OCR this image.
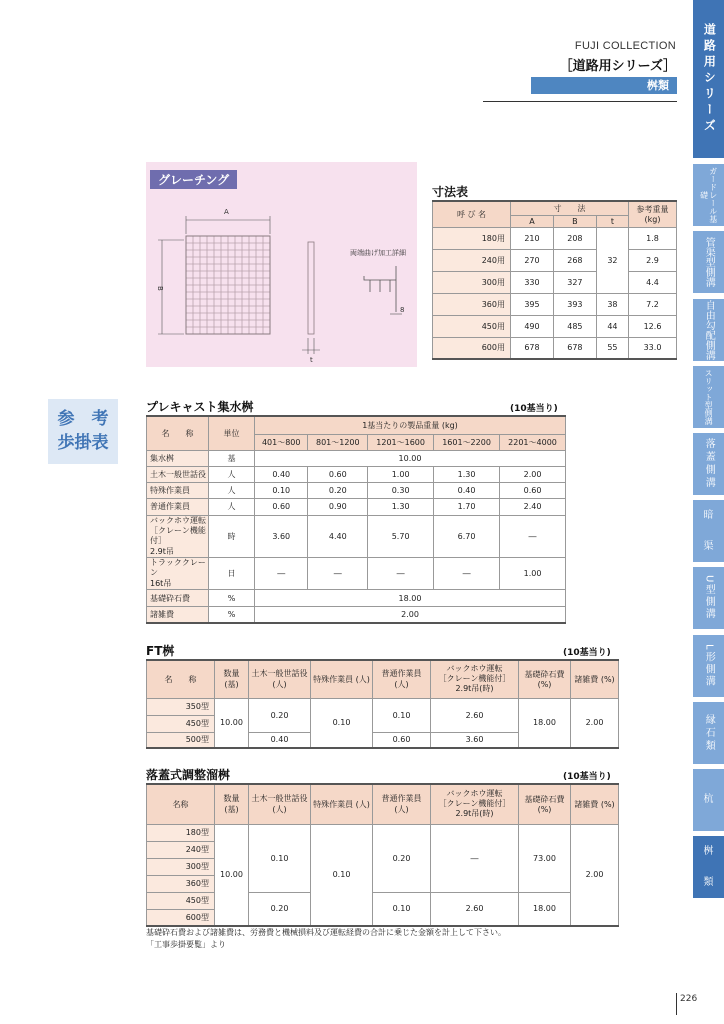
FUJI COLLECTION
［道路用シリーズ］
桝類	道路用シリーズ
ガードレール基礎
管渠型側溝
自由勾配側溝
スリット型側溝
落蓋側溝
暗
渠
U型側溝
L形側溝
縁石類
杭
桝
類
グレーチング
A
B
t
8
両端曲げ加工詳細
寸法表
呼 び 名	寸　　法			参考重量 (kg)
	A	B	t	
180用	210	208	32	1.8
240用	270	268		2.9
300用	330	327		4.4
360用	395	393	38	7.2
450用	490	485	44	12.6
600用	678	678	55	33.0
参　考
歩掛表
プレキャスト集水桝	(10基当り)
名　　称	単位	1基当たりの製品重量 (kg)				
		401～800	801～1200	1201～1600	1601～2200	2201～4000
集水桝	基	10.00				
土木一般世話役	人	0.40	0.60	1.00	1.30	2.00
特殊作業員	人	0.10	0.20	0.30	0.40	0.60
普通作業員	人	0.60	0.90	1.30	1.70	2.40

バックホウ運転
［クレーン機能付］
2.9t吊	時	3.60	4.40	5.70	6.70	―

トラッククレーン
16t吊	日	―	―	―	―	1.00
基礎砕石費	%	18.00				
諸雑費	%	2.00				
FT桝	(10基当り)
名　　称	数量 (基)	土木一般世話役 (人)	特殊作業員 (人)	普通作業員 (人)	バックホウ運転
［クレーン機能付］
2.9t吊(時)	基礎砕石費 (%)	諸雑費 (%)
350型	10.00	0.20	0.10	0.10	2.60	18.00	2.00
450型							
500型		0.40		0.60	3.60		
落蓋式調整溜桝	(10基当り)
名称	数量 (基)	土木一般世話役 (人)	特殊作業員 (人)	普通作業員 (人)	バックホウ運転
［クレーン機能付］
2.9t吊(時)	基礎砕石費 (%)	諸雑費 (%)
180型	10.00	0.10	0.10	0.20	―	73.00	2.00
240型							
300型							
360型							
450型		0.20		0.10	2.60	18.00	
600型							
基礎砕石費および諸雑費は、労務費と機械損料及び運転経費の合計に乗じた金額を計上して下さい。
「工事歩掛要覧」より
226
